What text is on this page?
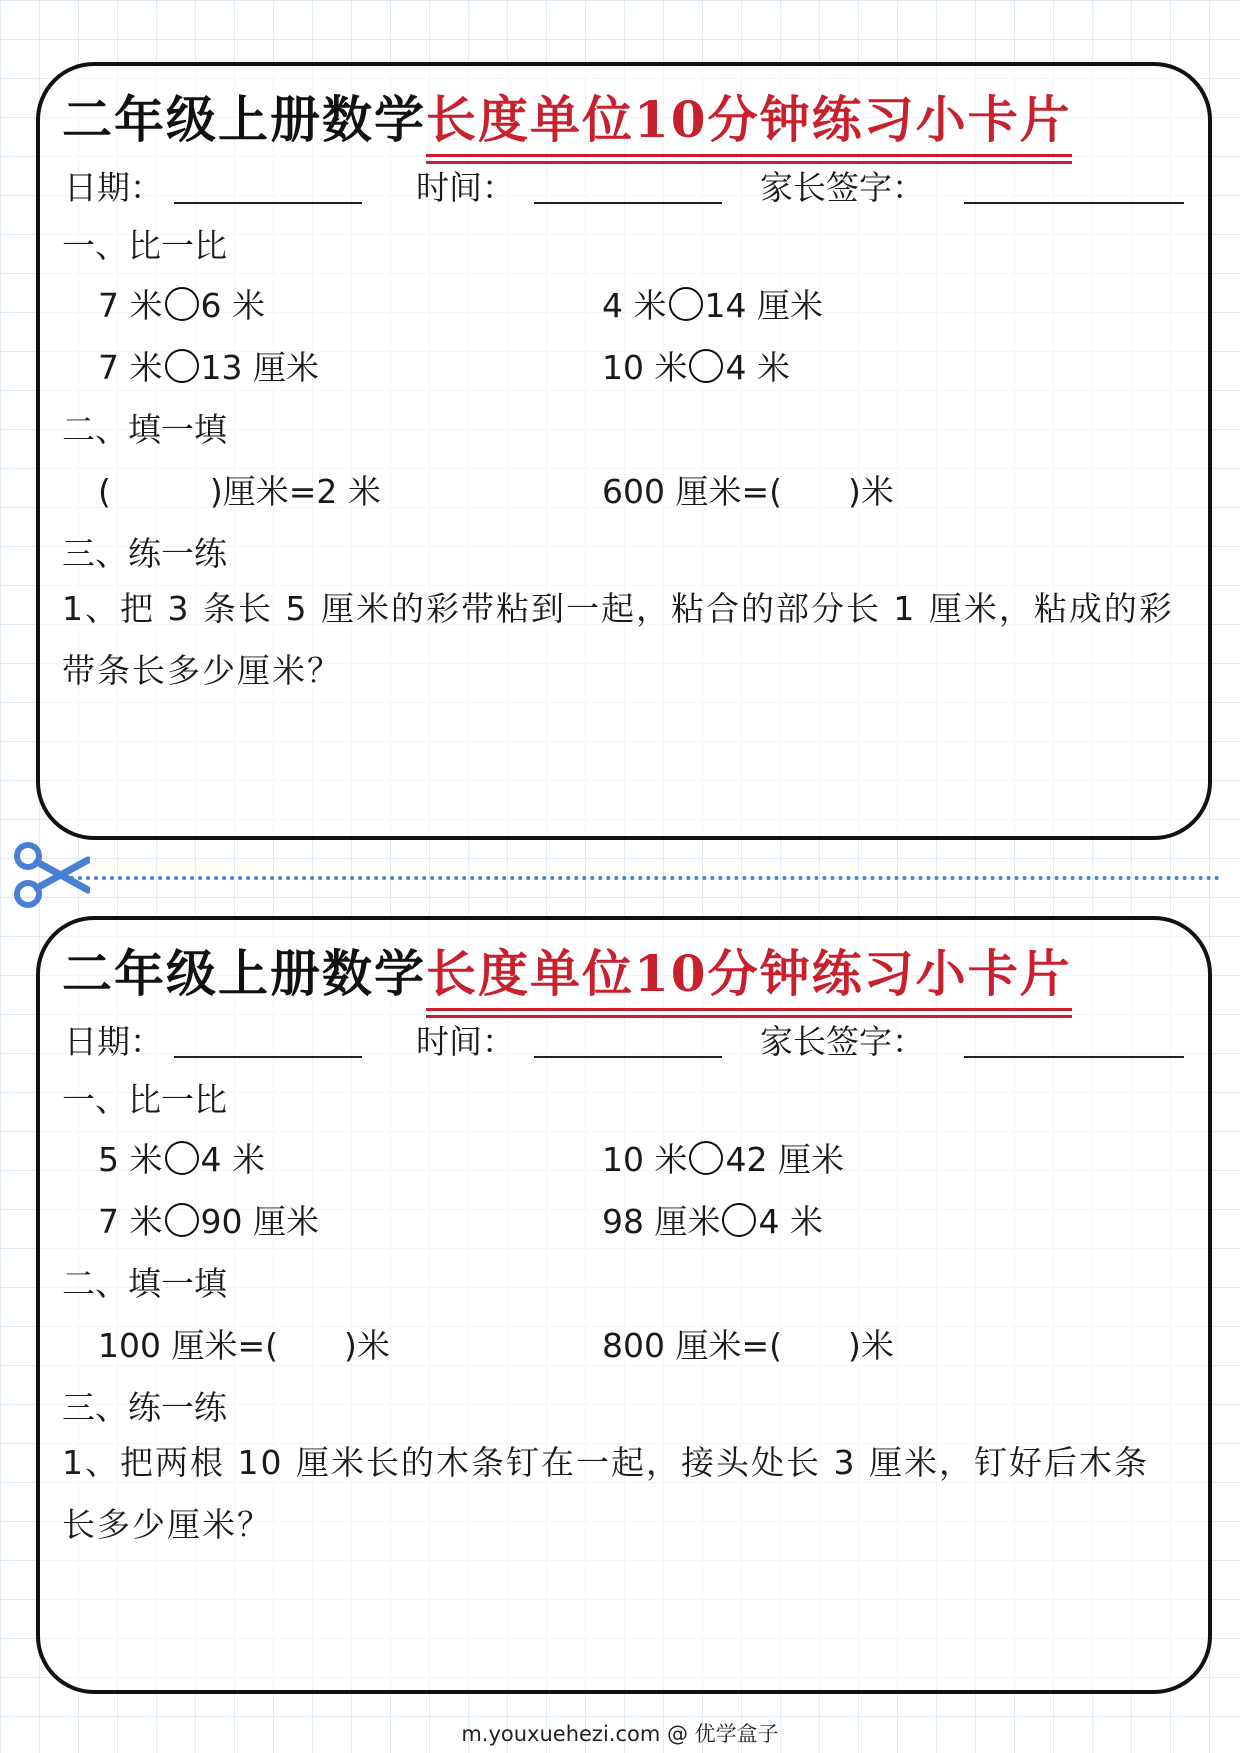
二年级上册数学长度单位10分钟练习小卡片
日期：	时间：	家长签字：
一、比一比
7 米 6 米	4 米 14 厘米
7 米 13 厘米	10 米 4 米
二、填一填
(　　　)厘米=2 米	600 厘米=(　　)米
三、练一练
1、把 3 条长 5 厘米的彩带粘到一起，粘合的部分长 1 厘米，粘成的彩带条长多少厘米？
二年级上册数学长度单位10分钟练习小卡片
日期：	时间：	家长签字：
一、比一比
5 米 4 米	10 米 42 厘米
7 米 90 厘米	98 厘米 4 米
二、填一填
100 厘米=(　　)米	800 厘米=(　　)米
三、练一练
1、把两根 10 厘米长的木条钉在一起，接头处长 3 厘米，钉好后木条长多少厘米？
m.youxuehezi.com @ 优学盒子
